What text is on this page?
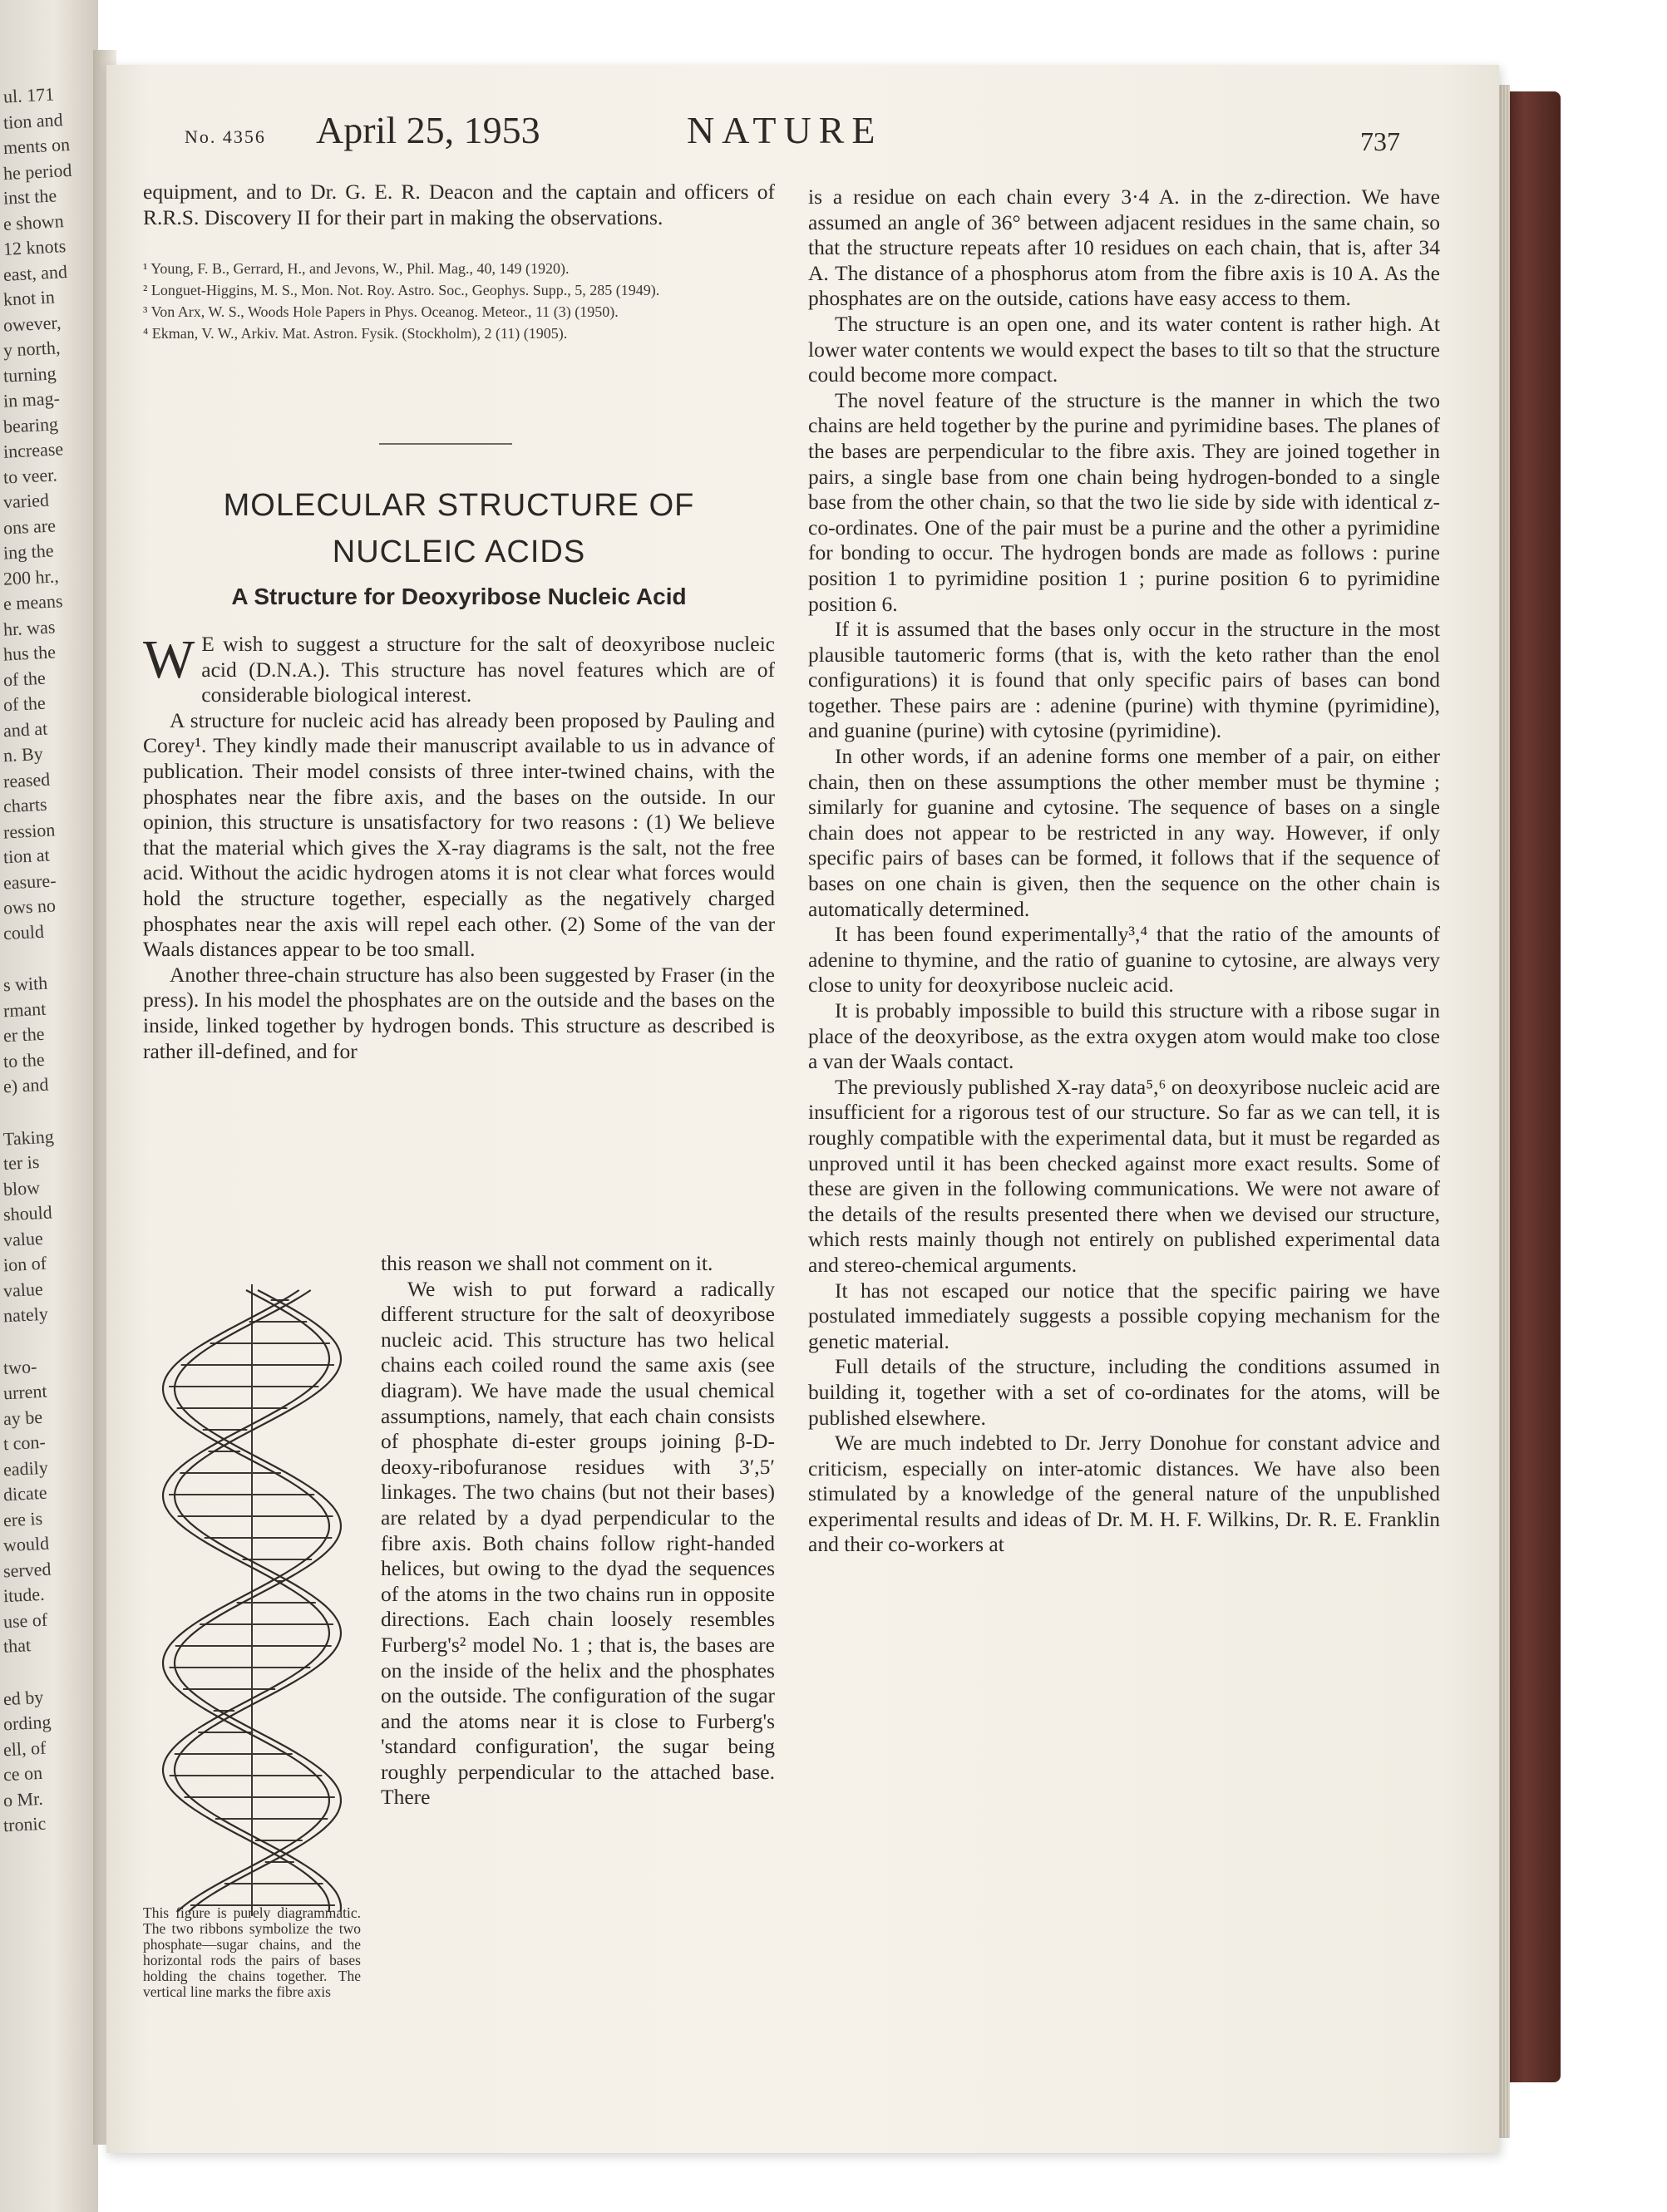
ul. 171
tion and
ments on
he period
inst the
e shown
12 knots
east, and
knot in
owever,
y north,
turning
in mag-
bearing
increase
to veer.
varied
ons are
ing the
200 hr.,
e means
hr. was
hus the
of the
of the
and at
n. By
reased
charts
ression
tion at
easure-
ows no
could
s with
rmant
er the
to the
e) and
Taking
ter is
blow
should
value
ion of
value
nately
two-
urrent
ay be
t con-
eadily
dicate
ere is
would
served
itude.
use of
that
ed by
ording
ell, of
ce on
o Mr.
tronic
No. 4356 April 25, 1953	NATURE	737

equipment, and to Dr. G. E. R. Deacon and the captain and officers of R.R.S. Discovery II for their part in making the observations.

¹ Young, F. B., Gerrard, H., and Jevons, W., Phil. Mag., 40, 149 (1920).
² Longuet-Higgins, M. S., Mon. Not. Roy. Astro. Soc., Geophys. Supp., 5, 285 (1949).
³ Von Arx, W. S., Woods Hole Papers in Phys. Oceanog. Meteor., 11 (3) (1950).
⁴ Ekman, V. W., Arkiv. Mat. Astron. Fysik. (Stockholm), 2 (11) (1905).
MOLECULAR STRUCTURE OF
NUCLEIC ACIDS
A Structure for Deoxyribose Nucleic Acid

W E wish to suggest a structure for the salt of deoxyribose nucleic acid (D.N.A.). This structure has novel features which are of considerable biological interest.

A structure for nucleic acid has already been proposed by Pauling and Corey¹. They kindly made their manuscript available to us in advance of publication. Their model consists of three inter-twined chains, with the phosphates near the fibre axis, and the bases on the outside. In our opinion, this structure is unsatisfactory for two reasons : (1) We believe that the material which gives the X-ray diagrams is the salt, not the free acid. Without the acidic hydrogen atoms it is not clear what forces would hold the structure together, especially as the negatively charged phosphates near the axis will repel each other. (2) Some of the van der Waals distances appear to be too small.

Another three-chain structure has also been suggested by Fraser (in the press). In his model the phosphates are on the outside and the bases on the inside, linked together by hydrogen bonds. This structure as described is rather ill-defined, and for

this reason we shall not comment on it.

We wish to put forward a radically different structure for the salt of deoxyribose nucleic acid. This structure has two helical chains each coiled round the same axis (see diagram). We have made the usual chemical assumptions, namely, that each chain consists of phosphate di-ester groups joining β-D-deoxy-ribofuranose residues with 3′,5′ linkages. The two chains (but not their bases) are related by a dyad perpendicular to the fibre axis. Both chains follow right-handed helices, but owing to the dyad the sequences of the atoms in the two chains run in opposite directions. Each chain loosely resembles Furberg's² model No. 1 ; that is, the bases are on the inside of the helix and the phosphates on the outside. The configuration of the sugar and the atoms near it is close to Furberg's 'standard configuration', the sugar being roughly perpendicular to the attached base. There

This figure is purely diagrammatic. The two ribbons symbolize the two phosphate—sugar chains, and the horizontal rods the pairs of bases holding the chains together. The vertical line marks the fibre axis

is a residue on each chain every 3·4 A. in the z-direction. We have assumed an angle of 36° between adjacent residues in the same chain, so that the structure repeats after 10 residues on each chain, that is, after 34 A. The distance of a phosphorus atom from the fibre axis is 10 A. As the phosphates are on the outside, cations have easy access to them.

The structure is an open one, and its water content is rather high. At lower water contents we would expect the bases to tilt so that the structure could become more compact.

The novel feature of the structure is the manner in which the two chains are held together by the purine and pyrimidine bases. The planes of the bases are perpendicular to the fibre axis. They are joined together in pairs, a single base from one chain being hydrogen-bonded to a single base from the other chain, so that the two lie side by side with identical z-co-ordinates. One of the pair must be a purine and the other a pyrimidine for bonding to occur. The hydrogen bonds are made as follows : purine position 1 to pyrimidine position 1 ; purine position 6 to pyrimidine position 6.

If it is assumed that the bases only occur in the structure in the most plausible tautomeric forms (that is, with the keto rather than the enol configurations) it is found that only specific pairs of bases can bond together. These pairs are : adenine (purine) with thymine (pyrimidine), and guanine (purine) with cytosine (pyrimidine).

In other words, if an adenine forms one member of a pair, on either chain, then on these assumptions the other member must be thymine ; similarly for guanine and cytosine. The sequence of bases on a single chain does not appear to be restricted in any way. However, if only specific pairs of bases can be formed, it follows that if the sequence of bases on one chain is given, then the sequence on the other chain is automatically determined.

It has been found experimentally³,⁴ that the ratio of the amounts of adenine to thymine, and the ratio of guanine to cytosine, are always very close to unity for deoxyribose nucleic acid.

It is probably impossible to build this structure with a ribose sugar in place of the deoxyribose, as the extra oxygen atom would make too close a van der Waals contact.

The previously published X-ray data⁵,⁶ on deoxyribose nucleic acid are insufficient for a rigorous test of our structure. So far as we can tell, it is roughly compatible with the experimental data, but it must be regarded as unproved until it has been checked against more exact results. Some of these are given in the following communications. We were not aware of the details of the results presented there when we devised our structure, which rests mainly though not entirely on published experimental data and stereo-chemical arguments.

It has not escaped our notice that the specific pairing we have postulated immediately suggests a possible copying mechanism for the genetic material.

Full details of the structure, including the conditions assumed in building it, together with a set of co-ordinates for the atoms, will be published elsewhere.

We are much indebted to Dr. Jerry Donohue for constant advice and criticism, especially on inter-atomic distances. We have also been stimulated by a knowledge of the general nature of the unpublished experimental results and ideas of Dr. M. H. F. Wilkins, Dr. R. E. Franklin and their co-workers at
